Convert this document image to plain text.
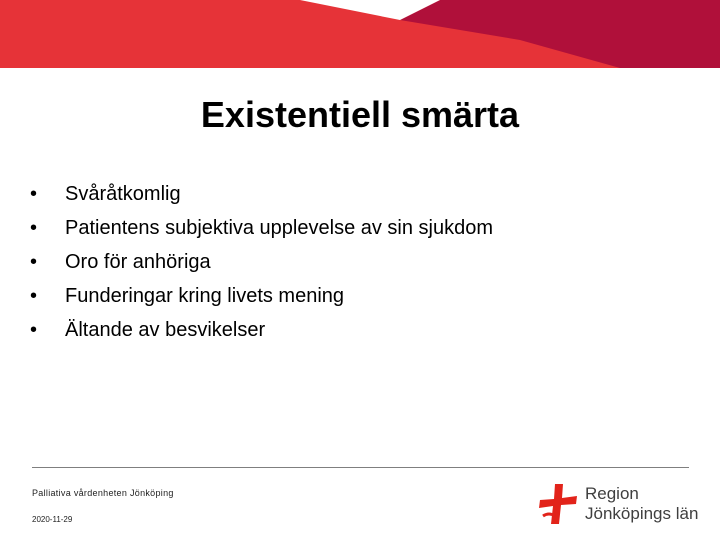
Existentiell smärta
• Svåråtkomlig
• Patientens subjektiva upplevelse av sin sjukdom
• Oro för anhöriga
• Funderingar kring livets mening
• Ältande av besvikelser
Palliativa vårdenheten Jönköping
2020-11-29
Region
Jönköpings län
